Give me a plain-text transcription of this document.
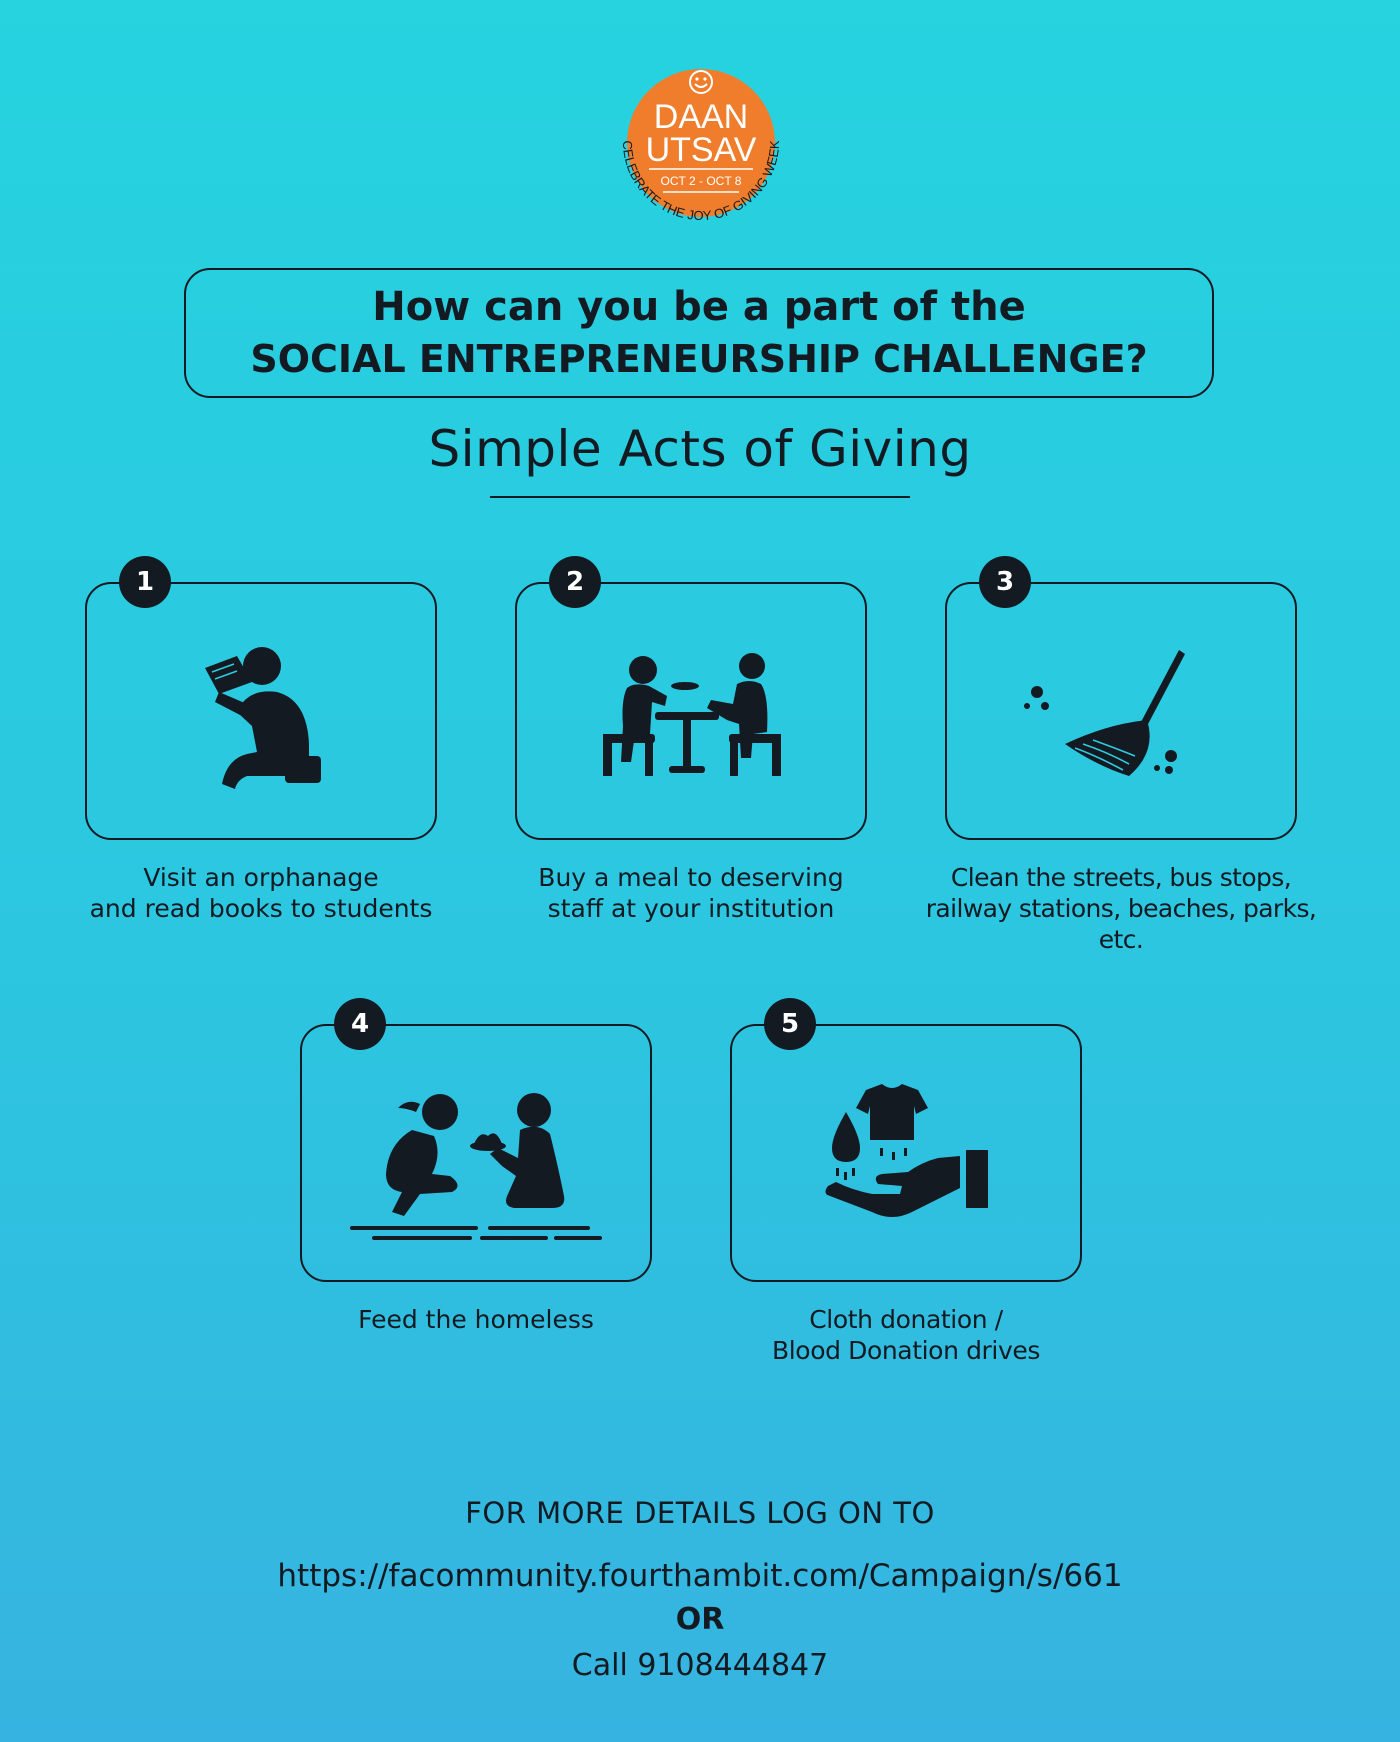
DAAN
UTSAV
OCT 2 - OCT 8
CELEBRATE THE JOY OF GIVING WEEK
How can you be a part of the
SOCIAL ENTREPRENEURSHIP CHALLENGE?
Simple Acts of Giving
1
Visit an orphanage
and read books to students
2
Buy a meal to deserving
staff at your institution
3
Clean the streets, bus stops,
railway stations, beaches, parks, etc.
4
Feed the homeless
5
Cloth donation /
Blood Donation drives
FOR MORE DETAILS LOG ON TO
https://facommunity.fourthambit.com/Campaign/s/661
OR
Call 9108444847
